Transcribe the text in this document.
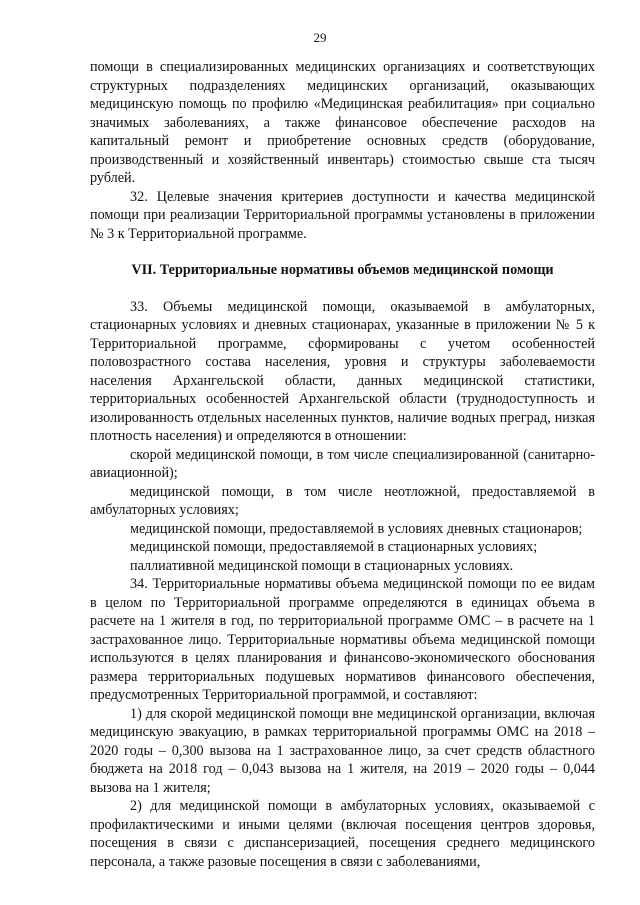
29

помощи в специализированных медицинских организациях и соответствующих структурных подразделениях медицинских организаций, оказывающих медицинскую помощь по профилю «Медицинская реабилитация» при социально значимых заболеваниях, а также финансовое обеспечение расходов на капитальный ремонт и приобретение основных средств (оборудование, производственный и хозяйственный инвентарь) стоимостью свыше ста тысяч рублей.

32. Целевые значения критериев доступности и качества медицинской помощи при реализации Территориальной программы установлены в приложении № 3 к Территориальной программе.

VII. Территориальные нормативы объемов медицинской помощи

33. Объемы медицинской помощи, оказываемой в амбулаторных, стационарных условиях и дневных стационарах, указанные в приложении № 5 к Территориальной программе, сформированы с учетом особенностей половозрастного состава населения, уровня и структуры заболеваемости населения Архангельской области, данных медицинской статистики, территориальных особенностей Архангельской области (труднодоступность и изолированность отдельных населенных пунктов, наличие водных преград, низкая плотность населения) и определяются в отношении:

скорой медицинской помощи, в том числе специализированной (санитарно-авиационной);

медицинской помощи, в том числе неотложной, предоставляемой в амбулаторных условиях;

медицинской помощи, предоставляемой в условиях дневных стационаров;

медицинской помощи, предоставляемой в стационарных условиях;

паллиативной медицинской помощи в стационарных условиях.

34. Территориальные нормативы объема медицинской помощи по ее видам в целом по Территориальной программе определяются в единицах объема в расчете на 1 жителя в год, по территориальной программе ОМС – в расчете на 1 застрахованное лицо. Территориальные нормативы объема медицинской помощи используются в целях планирования и финансово-экономического обоснования размера территориальных подушевых нормативов финансового обеспечения, предусмотренных Территориальной программой, и составляют:

1) для скорой медицинской помощи вне медицинской организации, включая медицинскую эвакуацию, в рамках территориальной программы ОМС на 2018 – 2020 годы – 0,300 вызова на 1 застрахованное лицо, за счет средств областного бюджета на 2018 год – 0,043 вызова на 1 жителя, на 2019 – 2020 годы – 0,044 вызова на 1 жителя;

2) для медицинской помощи в амбулаторных условиях, оказываемой с профилактическими и иными целями (включая посещения центров здоровья, посещения в связи с диспансеризацией, посещения среднего медицинского персонала, а также разовые посещения в связи с заболеваниями,
